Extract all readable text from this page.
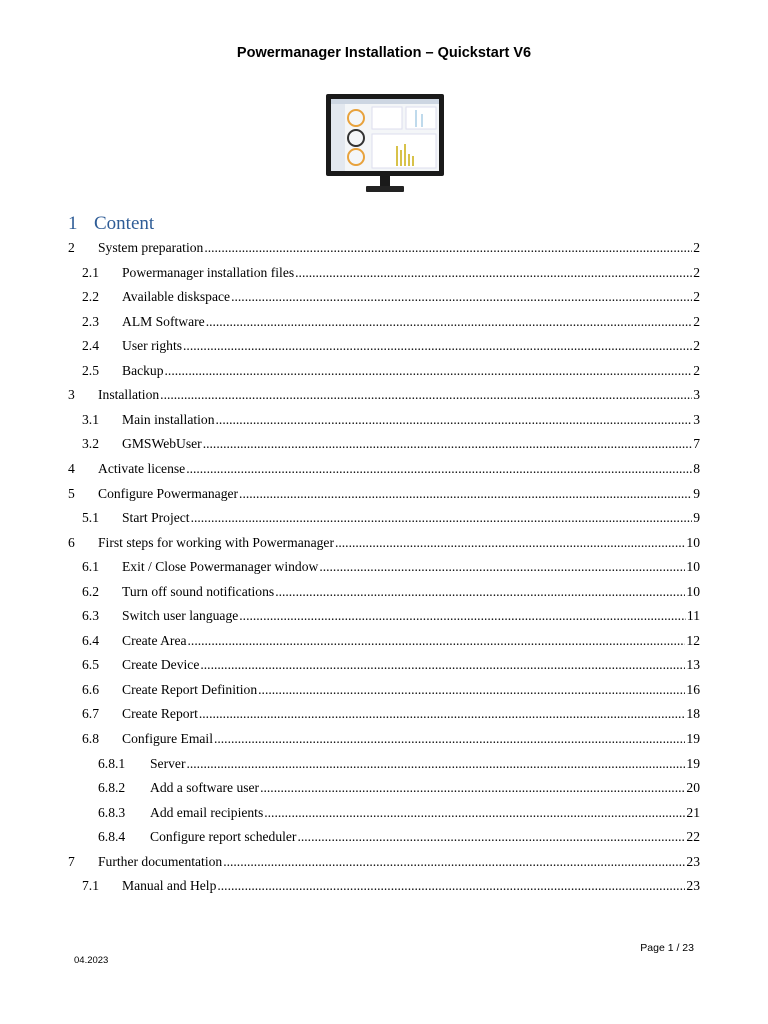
Powermanager Installation – Quickstart V6
1 Content
2	System preparation .....	2
2.1	Powermanager installation files .....	2
2.2	Available diskspace .....	2
2.3	ALM Software .....	2
2.4	User rights .....	2
2.5	Backup .....	2
3	Installation .....	3
3.1	Main installation .....	3
3.2	GMSWebUser .....	7
4	Activate license .....	8
5	Configure Powermanager .....	9
5.1	Start Project .....	9
6	First steps for working with Powermanager .....	10
6.1	Exit / Close Powermanager window .....	10
6.2	Turn off sound notifications .....	10
6.3	Switch user language .....	11
6.4	Create Area .....	12
6.5	Create Device .....	13
6.6	Create Report Definition .....	16
6.7	Create Report .....	18
6.8	Configure Email .....	19
6.8.1	Server .....	19
6.8.2	Add a software user .....	20
6.8.3	Add email recipients .....	21
6.8.4	Configure report scheduler .....	22
7	Further documentation .....	23
7.1	Manual and Help .....	23
Page 1 / 23
04.2023
